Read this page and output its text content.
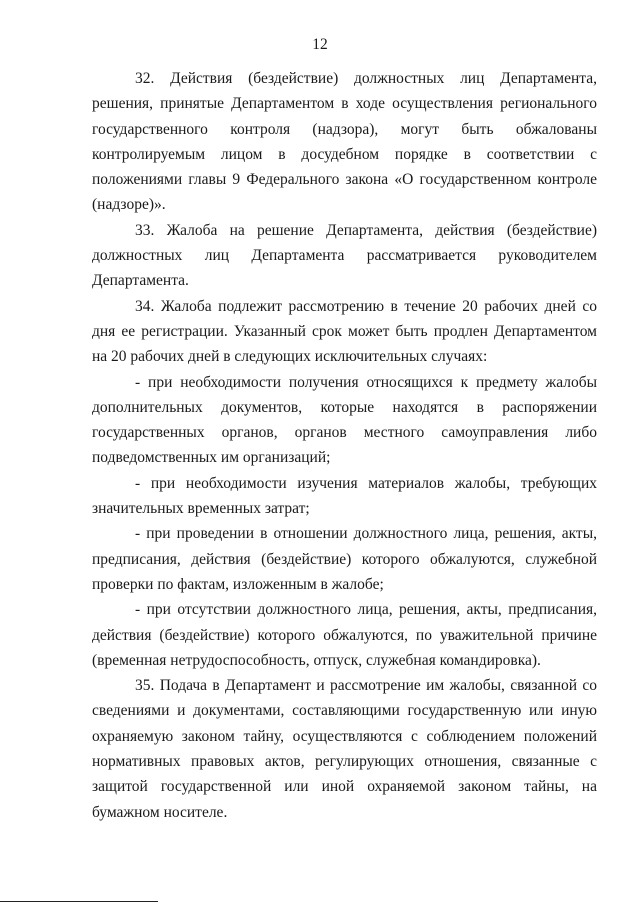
12

32. Действия (бездействие) должностных лиц Департамента, решения, принятые Департаментом в ходе осуществления регионального государственного контроля (надзора), могут быть обжалованы контролируемым лицом в досудебном порядке в соответствии с положениями главы 9 Федерального закона «О государственном контроле (надзоре)».

33. Жалоба на решение Департамента, действия (бездействие) должностных лиц Департамента рассматривается руководителем Департамента.

34. Жалоба подлежит рассмотрению в течение 20 рабочих дней со дня ее регистрации. Указанный срок может быть продлен Департаментом на 20 рабочих дней в следующих исключительных случаях:

- при необходимости получения относящихся к предмету жалобы дополнительных документов, которые находятся в распоряжении государственных органов, органов местного самоуправления либо подведомственных им организаций;

- при необходимости изучения материалов жалобы, требующих значительных временных затрат;

- при проведении в отношении должностного лица, решения, акты, предписания, действия (бездействие) которого обжалуются, служебной проверки по фактам, изложенным в жалобе;

- при отсутствии должностного лица, решения, акты, предписания, действия (бездействие) которого обжалуются, по уважительной причине (временная нетрудоспособность, отпуск, служебная командировка).

35. Подача в Департамент и рассмотрение им жалобы, связанной со сведениями и документами, составляющими государственную или иную охраняемую законом тайну, осуществляются с соблюдением положений нормативных правовых актов, регулирующих отношения, связанные с защитой государственной или иной охраняемой законом тайны, на бумажном носителе.
